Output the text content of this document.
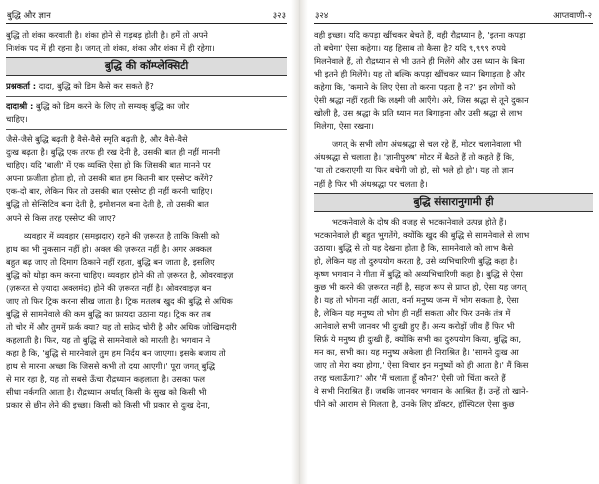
बुद्धि और ज्ञान	३२३
बुद्धि तो शंका करवाती है। शंका होने से गड़बड़ होती है। हमें तो अपने
निःशंक पद में ही रहना है। जगत् तो शंका, शंका और शंका में ही रहेगा।
बुद्धि की कॉम्प्लेक्सिटी
प्रश्नकर्ता : दादा, बुद्धि को डिम कैसे कर सकते हैं?
दादाश्री : बुद्धि को डिम करने के लिए तो सम्यक् बुद्धि का जोर
चाहिए।
जैसे-जैसे बुद्धि बढ़ती है वैसे-वैसे स्मृति बढ़ती है, और वैसे-वैसे
दुःख बढ़ता है। बुद्धि एक तरफ ही रख देनी है, उसकी बात ही नहीं माननी
चाहिए। यदि 'बाली' में एक व्यक्ति ऐसा हो कि जिसकी बात मानने पर
अपना फ़जीता होता हो, तो उसकी बात हम कितनी बार एस्सेप्ट करेंगे?
एक-दो बार, लेकिन फिर तो उसकी बात एस्सेप्ट ही नहीं करनी चाहिए।
बुद्धि तो सेन्सिटिव बना देती है, इमोशनल बना देती है, तो उसकी बात
अपने से किस तरह एस्सेप्ट की जाए?
व्यवहार में व्यवहार (समझदार) रहने की ज़रूरत है ताकि किसी को
हाथ का भी नुकसान नहीं हो। अक्ल की ज़रूरत नहीं है। अगर अक्कल
बहुत बढ़ जाए तो दिमाग ठिकाने नहीं रहता, बुद्धि बन जाता है, इसलिए
बुद्धि को थोड़ा कम करना चाहिए। व्यवहार होने की तो ज़रूरत है, ओवरवाइज़
(ज़रूरत से ज़्यादा अक्लमंद) होने की ज़रूरत नहीं है। ओवरवाइज़ बन
जाए तो फिर ट्रिक करना सीख जाता है। ट्रिक मतलब खुद की बुद्धि से अधिक
बुद्धि से सामनेवाले की कम बुद्धि का फ़ायदा उठाना यह। ट्रिक कर तब
तो चोर में और तुममें फ़र्क क्या? यह तो सफ़ेद चोरी है और अधिक जोखिमदारी
कहलाती है। फिर, यह तो बुद्धि से सामनेवाले को मारती है। भगवान ने
कहा है कि, 'बुद्धि से मारनेवाले तुम हम निर्दय बन जाएगा। इसके बजाय तो
हाथ से मारना अच्छा कि जिससे कभी तो दया आएगी।' पूरा जगत् बुद्धि
से मार रहा है, यह तो सबसे ऊँचा रौद्रध्यान कहलाता है। उसका फल
सीधा नर्कगति आता है। रौद्रध्यान अर्थात् किसी के सुख को किसी भी
प्रकार से छीन लेने की इच्छा। किसी को किसी भी प्रकार से दुःख देना,
३२४	आप्तवाणी-२
वही इच्छा। यदि कपड़ा खींचकर बेचते हैं, वही रौद्रध्यान है, 'इतना कपड़ा
तो बचेगा' ऐसा कहेगा। यह हिसाब तो कैसा है? यदि ९,९९९ रुपये
मिलनेवाले हैं, तो रौद्रध्यान से भी उतने ही मिलेंगे और उस ध्यान के बिना
भी इतने ही मिलेंगे। यह तो बल्कि कपड़ा खींचकर ध्यान बिगाड़ता है और
कहेगा कि, 'कमाने के लिए ऐसा तो करना पड़ता है न?' इन लोगों को
ऐसी श्रद्धा नहीं रहती कि लक्ष्मी जी आएँगे। अरे, जिस श्रद्धा से तूने दुकान
खोली है, उस श्रद्धा के प्रति ध्यान मत बिगाड़ना और उसी श्रद्धा से लाभ
मिलेगा, ऐसा रखना।
जगत् के सभी लोग अंधश्रद्धा से चल रहे हैं, मोटर चलानेवाला भी
अंधश्रद्धा से चलाता है। 'ज्ञानीपुरुष' मोटर में बैठते हैं तो कहते हैं कि,
'या तो टकराएगी या फिर बचेगी जो हो, सो भले हो हो'। यह तो ज्ञान
नहीं है फिर भी अंधश्रद्धा पर चलता है।
बुद्धि संसारानुगामी ही
भटकनेवाले के दोष की वजह से भटकानेवाले उत्पन्न होते हैं।
भटकानेवाले ही बहुत भुगतेंगे, क्योंकि खुद की बुद्धि से सामनेवाले से लाभ
उठाया। बुद्धि से तो यह देखना होता है कि, सामनेवाले को लाभ कैसे
हो, लेकिन यह तो दुरुपयोग करता है, उसे व्यभिचारिणी बुद्धि कहा है।
कृष्ण भगवान ने गीता में बुद्धि को अव्यभिचारिणी कहा है। बुद्धि से ऐसा
कुछ भी करने की ज़रूरत नहीं है, सहज रूप से प्राप्त हो, ऐसा यह जगत्
है। यह तो भोगना नहीं आता, वर्ना मनुष्य जन्म में भोग सकता है, ऐसा
है, लेकिन यह मनुष्य तो भोग ही नहीं सकता और फिर उनके तंत्र में
आनेवाले सभी जानवर भी दुःखी हुए हैं। अन्य करोड़ों जीव हैं फिर भी
सिर्फ़ ये मनुष्य ही दुःखी हैं, क्योंकि सभी का दुरुपयोग किया, बुद्धि का,
मन का, सभी का। यह मनुष्य अकेला ही निराश्रित है। 'सामने दुःख आ
जाए तो मेरा क्या होगा,' ऐसा विचार इन मनुष्यों को ही आता है।' मैं किस
तरह चलाऊँगा?' और 'मैं चलाता हूँ कौन?' ऐसी जो चिंता करते हैं
वे सभी निराश्रित हैं। जबकि जानवर भगवान के आश्रित हैं। उन्हें तो खाने-
पीने को आराम से मिलता है, उनके लिए डॉक्टर, हॉस्पिटल ऐसा कुछ
